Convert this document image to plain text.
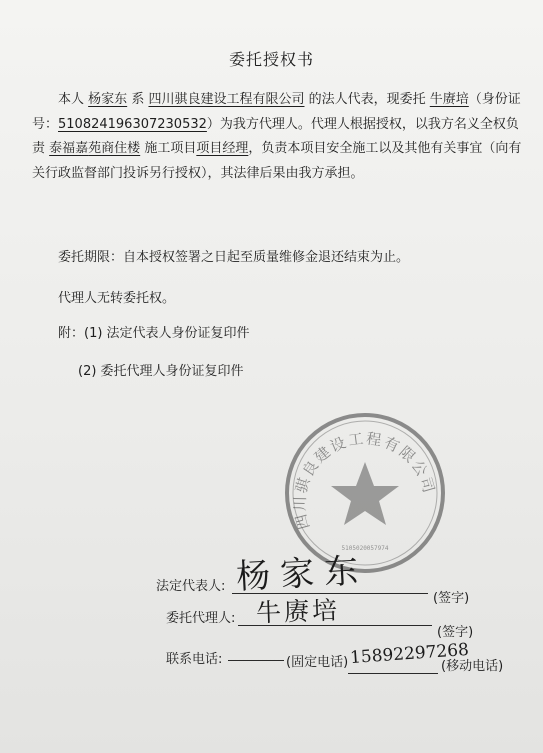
委托授权书
本人 杨家东 系 四川骐良建设工程有限公司 的法人代表，现委托 牛赓培（身份证号：510824196307230532）为我方代理人。代理人根据授权，以我方名义全权负责 泰福嘉苑商住楼 施工项目项目经理，负责本项目安全施工以及其他有关事宜（向有关行政监督部门投诉另行授权），其法律后果由我方承担。
委托期限：自本授权签署之日起至质量维修金退还结束为止。
代理人无转委托权。
附：(1) 法定代表人身份证复印件
(2) 委托代理人身份证复印件
四川骐良建设工程有限公司
5105020057974
法定代表人: 杨家东
(签字)
委托代理人: 牛赓培
(签字)
联系电话:	(固定电话) 15892297268
(移动电话)
